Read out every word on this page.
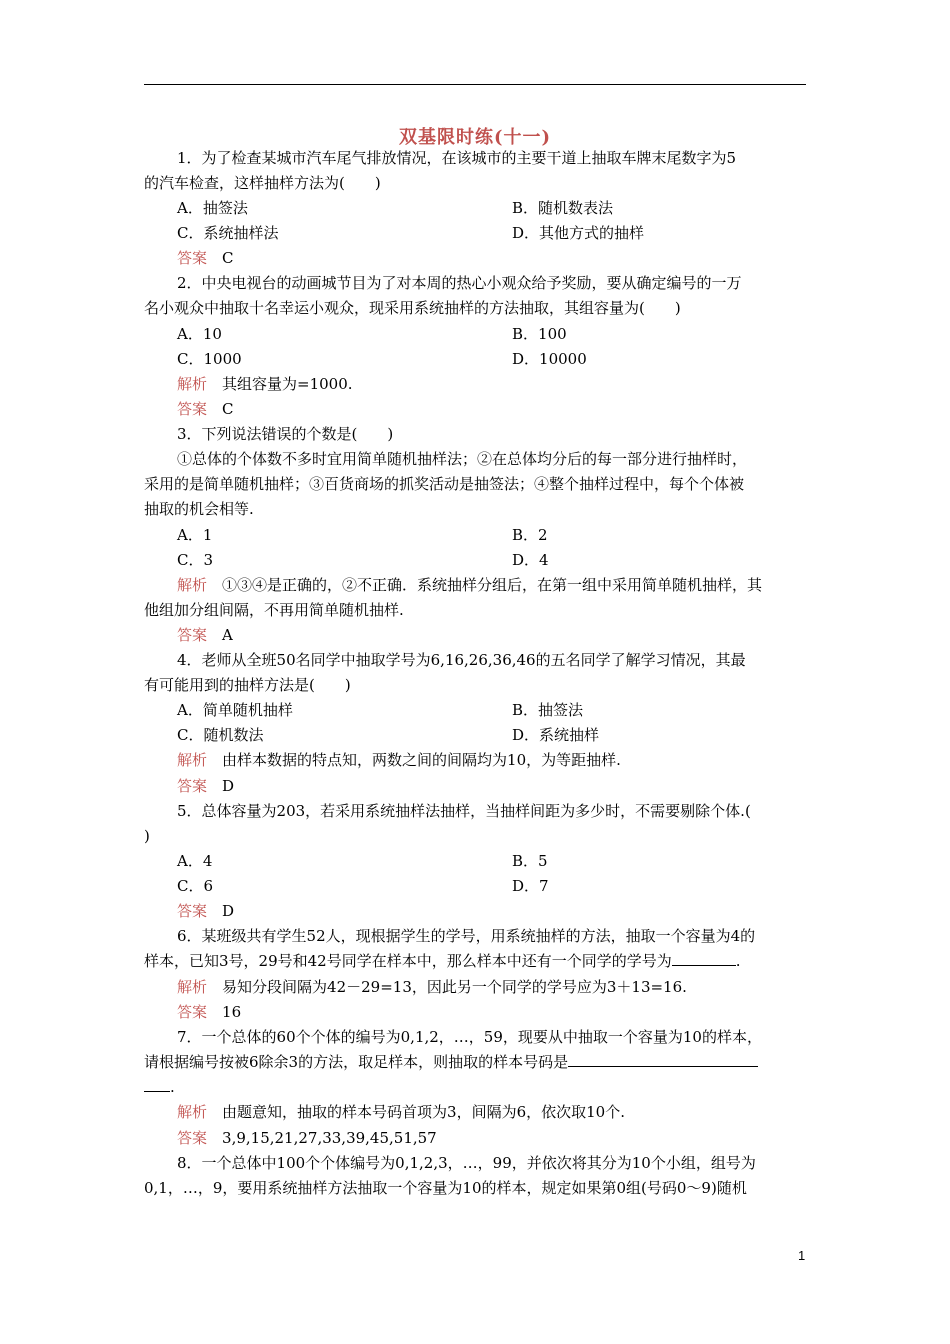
双基限时练(十一)
1．为了检查某城市汽车尾气排放情况，在该城市的主要干道上抽取车牌末尾数字为5
的汽车检查，这样抽样方法为(　　)
A．抽签法	B．随机数表法
C．系统抽样法	D．其他方式的抽样
答案　 C
2．中央电视台的动画城节目为了对本周的热心小观众给予奖励，要从确定编号的一万
名小观众中抽取十名幸运小观众，现采用系统抽样的方法抽取，其组容量为(　　)
A．10	B．100
C．1000	D．10000
解析　 其组容量为=1000.
答案　 C
3．下列说法错误的个数是(　　)
①总体的个体数不多时宜用简单随机抽样法；②在总体均分后的每一部分进行抽样时，
采用的是简单随机抽样；③百货商场的抓奖活动是抽签法；④整个抽样过程中，每个个体被
抽取的机会相等.
A．1	B．2
C．3	D．4
解析　 ①③④是正确的，②不正确．系统抽样分组后，在第一组中采用简单随机抽样，其
他组加分组间隔，不再用简单随机抽样.
答案　 A
4．老师从全班50名同学中抽取学号为6,16,26,36,46的五名同学了解学习情况，其最
有可能用到的抽样方法是(　　)
A．简单随机抽样	B．抽签法
C．随机数法	D．系统抽样
解析　 由样本数据的特点知，两数之间的间隔均为10，为等距抽样.
答案　 D
5．总体容量为203，若采用系统抽样法抽样，当抽样间距为多少时，不需要剔除个体.(
)
A．4	B．5
C．6	D．7
答案　 D
6．某班级共有学生52人，现根据学生的学号，用系统抽样的方法，抽取一个容量为4的
样本，已知3号，29号和42号同学在样本中，那么样本中还有一个同学的学号为	.
解析　 易知分段间隔为42－29=13，因此另一个同学的学号应为3＋13=16.
答案　 16
7．一个总体的60个个体的编号为0,1,2，…，59，现要从中抽取一个容量为10的样本，
请根据编号按被6除余3的方法，取足样本，则抽取的样本号码是
.
解析　 由题意知，抽取的样本号码首项为3，间隔为6，依次取10个.
答案　 3,9,15,21,27,33,39,45,51,57
8．一个总体中100个个体编号为0,1,2,3，…，99，并依次将其分为10个小组，组号为
0,1，…，9，要用系统抽样方法抽取一个容量为10的样本，规定如果第0组(号码0～9)随机
1
